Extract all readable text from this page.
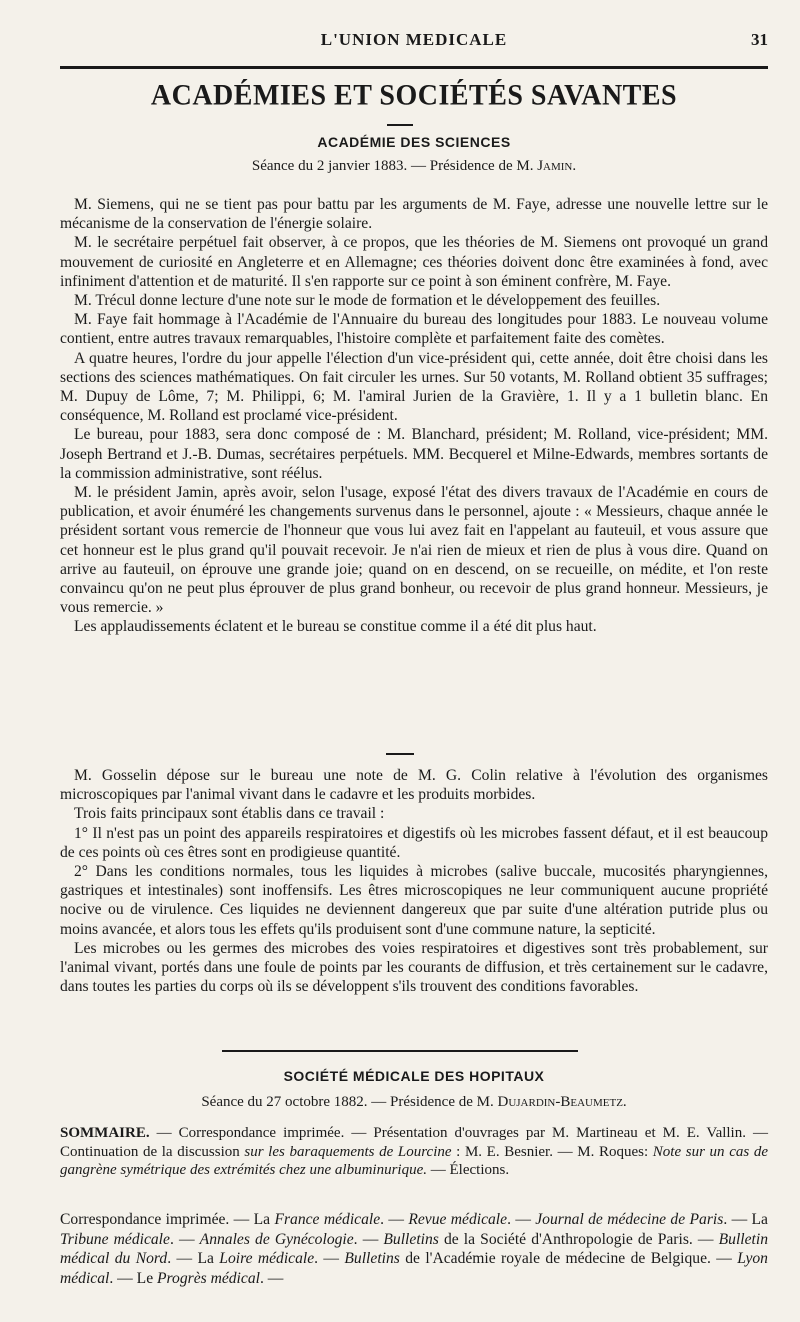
L'UNION MEDICALE	31
ACADÉMIES ET SOCIÉTÉS SAVANTES
ACADÉMIE DES SCIENCES
Séance du 2 janvier 1883. — Présidence de M. Jamin.

M. Siemens, qui ne se tient pas pour battu par les arguments de M. Faye, adresse une nouvelle lettre sur le mécanisme de la conservation de l'énergie solaire.

M. le secrétaire perpétuel fait observer, à ce propos, que les théories de M. Siemens ont provoqué un grand mouvement de curiosité en Angleterre et en Allemagne; ces théories doivent donc être examinées à fond, avec infiniment d'attention et de maturité. Il s'en rapporte sur ce point à son éminent confrère, M. Faye.

M. Trécul donne lecture d'une note sur le mode de formation et le développement des feuilles.

M. Faye fait hommage à l'Académie de l'Annuaire du bureau des longitudes pour 1883. Le nouveau volume contient, entre autres travaux remarquables, l'histoire complète et parfaitement faite des comètes.

A quatre heures, l'ordre du jour appelle l'élection d'un vice-président qui, cette année, doit être choisi dans les sections des sciences mathématiques. On fait circuler les urnes. Sur 50 votants, M. Rolland obtient 35 suffrages; M. Dupuy de Lôme, 7; M. Philippi, 6; M. l'amiral Jurien de la Gravière, 1. Il y a 1 bulletin blanc. En conséquence, M. Rolland est proclamé vice-président.

Le bureau, pour 1883, sera donc composé de : M. Blanchard, président; M. Rolland, vice-président; MM. Joseph Bertrand et J.-B. Dumas, secrétaires perpétuels. MM. Becquerel et Milne-Edwards, membres sortants de la commission administrative, sont réélus.

M. le président Jamin, après avoir, selon l'usage, exposé l'état des divers travaux de l'Académie en cours de publication, et avoir énuméré les changements survenus dans le personnel, ajoute : « Messieurs, chaque année le président sortant vous remercie de l'honneur que vous lui avez fait en l'appelant au fauteuil, et vous assure que cet honneur est le plus grand qu'il pouvait recevoir. Je n'ai rien de mieux et rien de plus à vous dire. Quand on arrive au fauteuil, on éprouve une grande joie; quand on en descend, on se recueille, on médite, et l'on reste convaincu qu'on ne peut plus éprouver de plus grand bonheur, ou recevoir de plus grand honneur. Messieurs, je vous remercie. »

Les applaudissements éclatent et le bureau se constitue comme il a été dit plus haut.

M. Gosselin dépose sur le bureau une note de M. G. Colin relative à l'évolution des organismes microscopiques par l'animal vivant dans le cadavre et les produits morbides.

Trois faits principaux sont établis dans ce travail :

1° Il n'est pas un point des appareils respiratoires et digestifs où les microbes fassent défaut, et il est beaucoup de ces points où ces êtres sont en prodigieuse quantité.

2° Dans les conditions normales, tous les liquides à microbes (salive buccale, mucosités pharyngiennes, gastriques et intestinales) sont inoffensifs. Les êtres microscopiques ne leur communiquent aucune propriété nocive ou de virulence. Ces liquides ne deviennent dangereux que par suite d'une altération putride plus ou moins avancée, et alors tous les effets qu'ils produisent sont d'une commune nature, la septicité.

Les microbes ou les germes des microbes des voies respiratoires et digestives sont très probablement, sur l'animal vivant, portés dans une foule de points par les courants de diffusion, et très certainement sur le cadavre, dans toutes les parties du corps où ils se développent s'ils trouvent des conditions favorables.

SOCIÉTÉ MÉDICALE DES HOPITAUX
Séance du 27 octobre 1882. — Présidence de M. Dujardin-Beaumetz.

SOMMAIRE. — Correspondance imprimée. — Présentation d'ouvrages par M. Martineau et M. E. Vallin. — Continuation de la discussion sur les baraquements de Lourcine : M. E. Besnier. — M. Roques: Note sur un cas de gangrène symétrique des extrémités chez une albuminurique. — Élections.

Correspondance imprimée. — La France médicale. — Revue médicale. — Journal de médecine de Paris. — La Tribune médicale. — Annales de Gynécologie. — Bulletins de la Société d'Anthropologie de Paris. — Bulletin médical du Nord. — La Loire médicale. — Bulletins de l'Académie royale de médecine de Belgique. — Lyon médical. — Le Progrès médical. —
